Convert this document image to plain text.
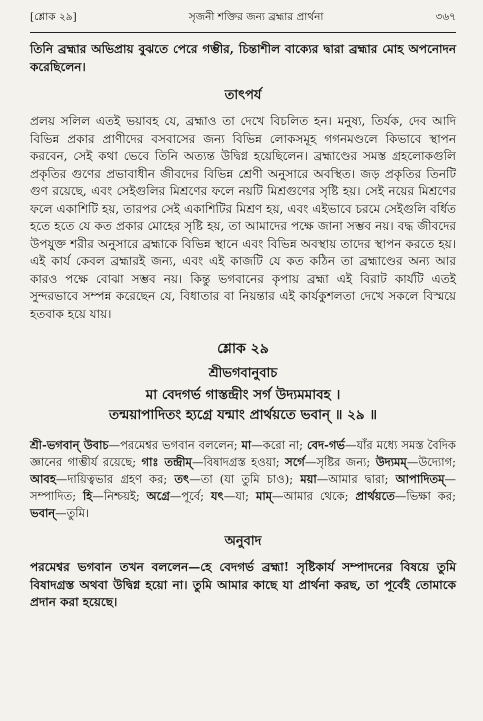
[শ্লোক ২৯]	সৃজনী শক্তির জন্য ব্রহ্মার প্রার্থনা	৩৬৭

তিনি ব্রহ্মার অভিপ্রায় বুঝতে পেরে গম্ভীর, চিন্তাশীল বাক্যের দ্বারা ব্রহ্মার মোহ অপনোদন করেছিলেন।

তাৎপর্য

প্রলয় সলিল এতই ভয়াবহ যে, ব্রহ্মাও তা দেখে বিচলিত হন। মনুষ্য, তির্যক, দেব আদি বিভিন্ন প্রকার প্রাণীদের বসবাসের জন্য বিভিন্ন লোকসমূহ গগনমণ্ডলে কিভাবে স্থাপন করবেন, সেই কথা ভেবে তিনি অত্যন্ত উদ্বিগ্ন হয়েছিলেন। ব্রহ্মাণ্ডের সমস্ত গ্রহলোকগুলি প্রকৃতির গুণের প্রভাবাধীন জীবদের বিভিন্ন শ্রেণী অনুসারে অবস্থিত। জড় প্রকৃতির তিনটি গুণ রয়েছে, এবং সেইগুলির মিশ্রণের ফলে নয়টি মিশ্রগুণের সৃষ্টি হয়। সেই নয়ের মিশ্রণের ফলে একাশিটি হয়, তারপর সেই একাশিটির মিশ্রণ হয়, এবং এইভাবে চরমে সেইগুলি বর্ধিত হতে হতে যে কত প্রকার মোহের সৃষ্টি হয়, তা আমাদের পক্ষে জানা সম্ভব নয়। বদ্ধ জীবদের উপযুক্ত শরীর অনুসারে ব্রহ্মাকে বিভিন্ন স্থানে এবং বিভিন্ন অবস্থায় তাদের স্থাপন করতে হয়। এই কার্য কেবল ব্রহ্মারই জন্য, এবং এই কাজটি যে কত কঠিন তা ব্রহ্মাণ্ডের অন্য আর কারও পক্ষে বোঝা সম্ভব নয়। কিন্তু ভগবানের কৃপায় ব্রহ্মা এই বিরাট কার্যটি এতই সুন্দরভাবে সম্পন্ন করেছেন যে, বিধাতার বা নিয়ন্তার এই কার্যকুশলতা দেখে সকলে বিস্ময়ে হতবাক হয়ে যায়।

শ্লোক ২৯
শ্রীভগবানুবাচ
মা বেদগর্ভ গাস্তন্দ্রীং সর্গ উদ্যমমাবহ ।
তন্ময়াপাদিতং হ্যগ্রে যন্মাং প্রার্থয়তে ভবান্‌ ॥ ২৯ ॥

শ্রী-ভগবান্‌ উবাচ—পরমেশ্বর ভগবান বললেন; মা—করো না; বেদ-গর্ভ—যাঁর মধ্যে সমস্ত বৈদিক জ্ঞানের গাম্ভীর্য রয়েছে; গাঃ তন্দ্রীম্‌—বিষাদগ্রস্ত হওয়া; সর্গে—সৃষ্টির জন্য; উদ্যমম্‌—উদ্যোগ; আবহ—দায়িত্বভার গ্রহণ কর; তৎ—তা (যা তুমি চাও); ময়া—আমার দ্বারা; আপাদিতম্‌—সম্পাদিত; হি—নিশ্চয়ই; অগ্রে—পূর্বে; যৎ—যা; মাম্‌—আমার থেকে; প্রার্থয়তে—ভিক্ষা কর; ভবান্‌—তুমি।

অনুবাদ

পরমেশ্বর ভগবান তখন বললেন—হে বেদগর্ভ ব্রহ্মা! সৃষ্টিকার্য সম্পাদনের বিষয়ে তুমি বিষাদগ্রস্ত অথবা উদ্বিগ্ন হয়ো না। তুমি আমার কাছে যা প্রার্থনা করছ, তা পূর্বেই তোমাকে প্রদান করা হয়েছে।
